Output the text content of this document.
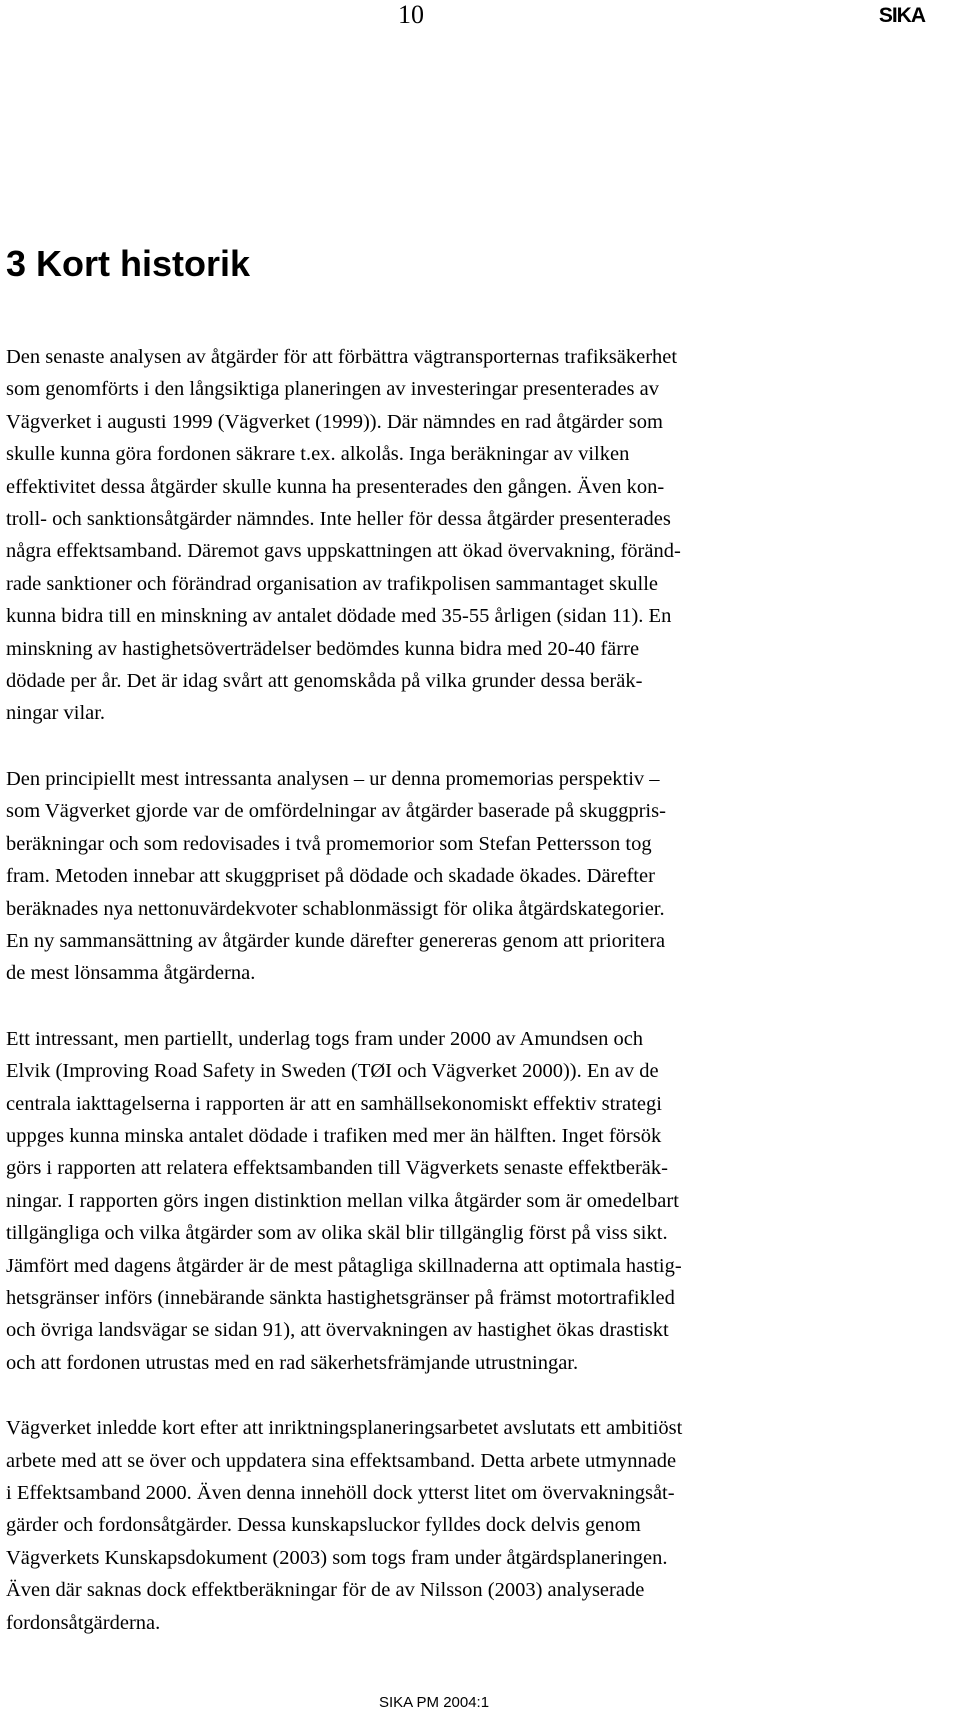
10	SIKA
3 Kort historik

Den senaste analysen av åtgärder för att förbättra vägtransporternas trafiksäkerhet
som genomförts i den långsiktiga planeringen av investeringar presenterades av
Vägverket i augusti 1999 (Vägverket (1999)). Där nämndes en rad åtgärder som
skulle kunna göra fordonen säkrare t.ex. alkolås. Inga beräkningar av vilken
effektivitet dessa åtgärder skulle kunna ha presenterades den gången. Även kon-
troll- och sanktionsåtgärder nämndes. Inte heller för dessa åtgärder presenterades
några effektsamband. Däremot gavs uppskattningen att ökad övervakning, föränd-
rade sanktioner och förändrad organisation av trafikpolisen sammantaget skulle
kunna bidra till en minskning av antalet dödade med 35-55 årligen (sidan 11). En
minskning av hastighetsöverträdelser bedömdes kunna bidra med 20-40 färre
dödade per år. Det är idag svårt att genomskåda på vilka grunder dessa beräk-
ningar vilar.

Den principiellt mest intressanta analysen – ur denna promemorias perspektiv –
som Vägverket gjorde var de omfördelningar av åtgärder baserade på skuggpris-
beräkningar och som redovisades i två promemorior som Stefan Pettersson tog
fram. Metoden innebar att skuggpriset på dödade och skadade ökades. Därefter
beräknades nya nettonuvärdekvoter schablonmässigt för olika åtgärdskategorier.
En ny sammansättning av åtgärder kunde därefter genereras genom att prioritera
de mest lönsamma åtgärderna.

Ett intressant, men partiellt, underlag togs fram under 2000 av Amundsen och
Elvik (Improving Road Safety in Sweden (TØI och Vägverket 2000)). En av de
centrala iakttagelserna i rapporten är att en samhällsekonomiskt effektiv strategi
uppges kunna minska antalet dödade i trafiken med mer än hälften. Inget försök
görs i rapporten att relatera effektsambanden till Vägverkets senaste effektberäk-
ningar. I rapporten görs ingen distinktion mellan vilka åtgärder som är omedelbart
tillgängliga och vilka åtgärder som av olika skäl blir tillgänglig först på viss sikt.
Jämfört med dagens åtgärder är de mest påtagliga skillnaderna att optimala hastig-
hetsgränser införs (innebärande sänkta hastighetsgränser på främst motortrafikled
och övriga landsvägar se sidan 91), att övervakningen av hastighet ökas drastiskt
och att fordonen utrustas med en rad säkerhetsfrämjande utrustningar.

Vägverket inledde kort efter att inriktningsplaneringsarbetet avslutats ett ambitiöst
arbete med att se över och uppdatera sina effektsamband. Detta arbete utmynnade
i Effektsamband 2000. Även denna innehöll dock ytterst litet om övervakningsåt-
gärder och fordonsåtgärder. Dessa kunskapsluckor fylldes dock delvis genom
Vägverkets Kunskapsdokument (2003) som togs fram under åtgärdsplaneringen.
Även där saknas dock effektberäkningar för de av Nilsson (2003) analyserade
fordonsåtgärderna.

SIKA PM 2004:1
